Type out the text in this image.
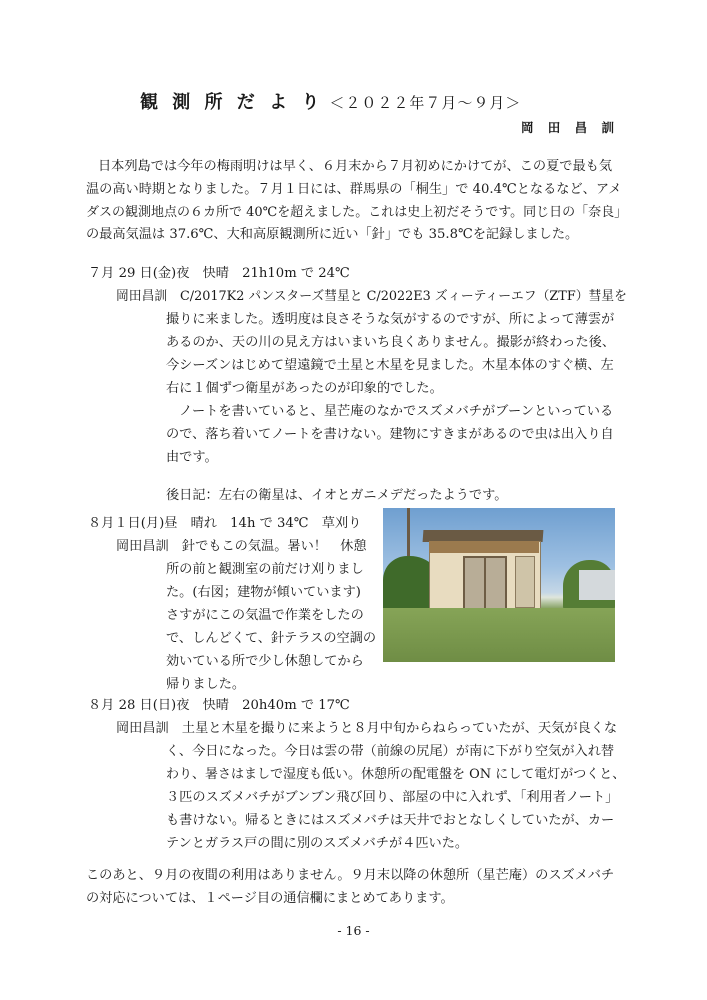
観 測 所 だ よ り ＜２０２２年７月～９月＞
岡 田 昌 訓
日本列島では今年の梅雨明けは早く、６月末から７月初めにかけてが、この夏で最も気
温の高い時期となりました。７月１日には、群馬県の「桐生」で 40.4℃となるなど、アメ
ダスの観測地点の６カ所で 40℃を超えました。これは史上初だそうです。同じ日の「奈良」
の最高気温は 37.6℃、大和高原観測所に近い「針」でも 35.8℃を記録しました。
７月 29 日(金)夜　快晴　21h10m で 24℃
岡田昌訓　C/2017K2 パンスターズ彗星と C/2022E3 ズィーティーエフ（ZTF）彗星を
撮りに来ました。透明度は良さそうな気がするのですが、所によって薄雲が
あるのか、天の川の見え方はいまいち良くありません。撮影が終わった後、
今シーズンはじめて望遠鏡で土星と木星を見ました。木星本体のすぐ横、左
右に１個ずつ衛星があったのが印象的でした。
　ノートを書いていると、星芒庵のなかでスズメバチがブーンといっている
ので、落ち着いてノートを書けない。建物にすきまがあるので虫は出入り自
由です。
後日記：左右の衛星は、イオとガニメデだったようです。
８月１日(月)昼　晴れ　14h で 34℃　草刈り
岡田昌訓　針でもこの気温。暑い！　休憩
所の前と観測室の前だけ刈りまし
た。(右図；建物が傾いています)
さすがにこの気温で作業をしたの
で、しんどくて、針テラスの空調の
効いている所で少し休憩してから
帰りました。
８月 28 日(日)夜　快晴　20h40m で 17℃
岡田昌訓　土星と木星を撮りに来ようと８月中旬からねらっていたが、天気が良くな
く、今日になった。今日は雲の帯（前線の尻尾）が南に下がり空気が入れ替
わり、暑さはましで湿度も低い。休憩所の配電盤を ON にして電灯がつくと、
３匹のスズメバチがブンブン飛び回り、部屋の中に入れず、「利用者ノート」
も書けない。帰るときにはスズメバチは天井でおとなしくしていたが、カー
テンとガラス戸の間に別のスズメバチが４匹いた。
このあと、９月の夜間の利用はありません。９月末以降の休憩所（星芒庵）のスズメバチ
の対応については、１ページ目の通信欄にまとめてあります。
- 16 -
